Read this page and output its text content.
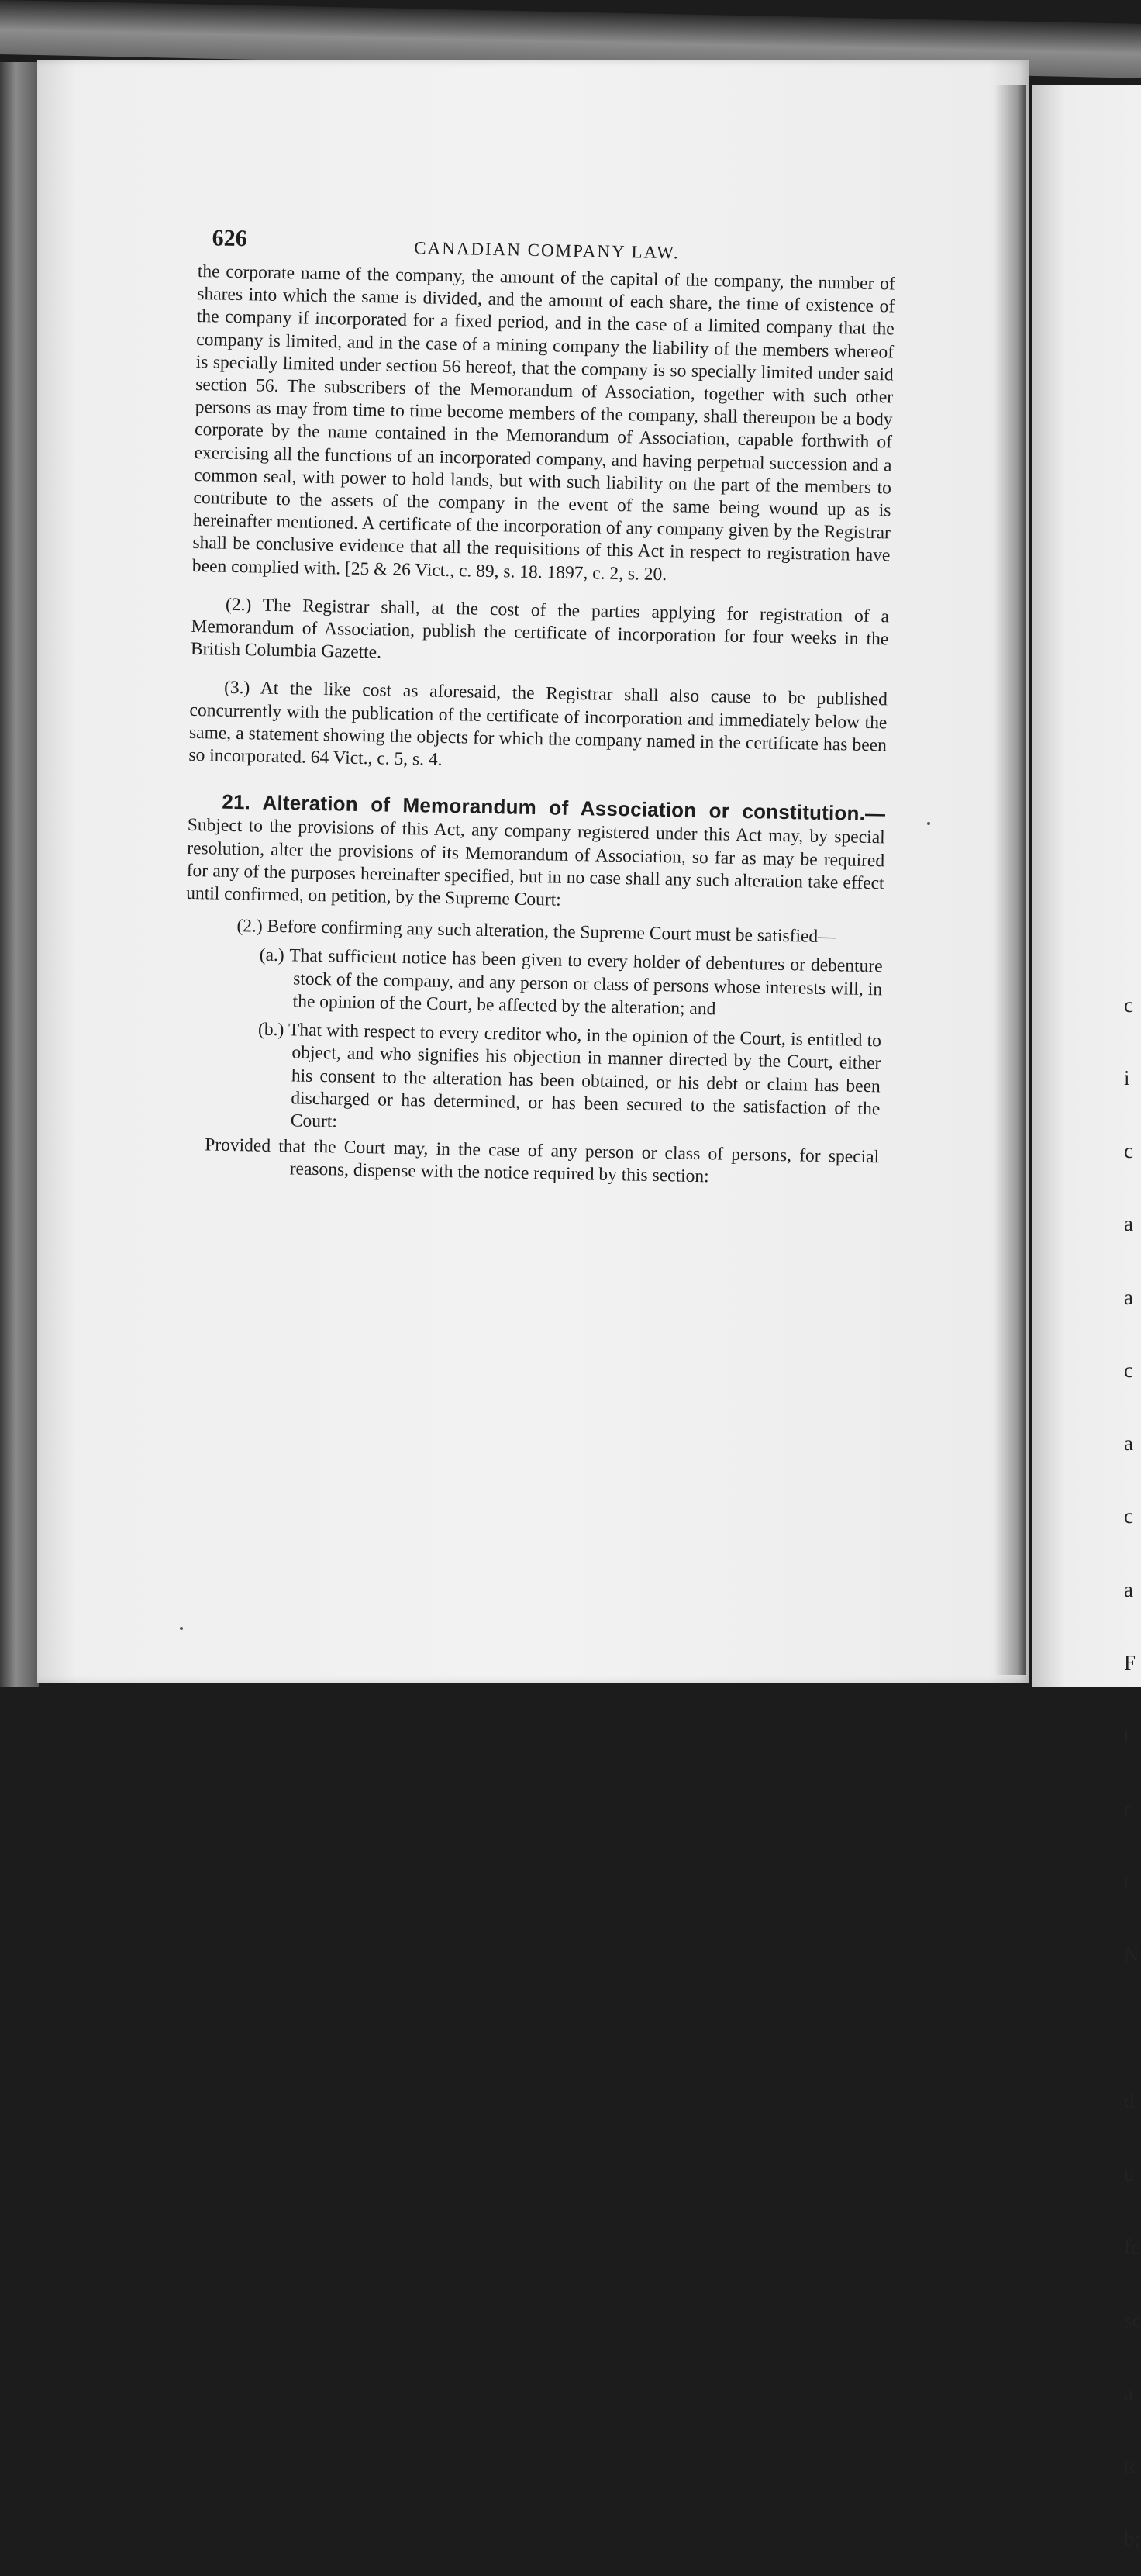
c

i

c

a

a

c

a

c

a

F

t

c

t

N

d

u

fc

sc

a

tc

b;

626	CANADIAN COMPANY LAW.

the corporate name of the company, the amount of the capital of the company, the number of shares into which the same is divided, and the amount of each share, the time of existence of the company if incorporated for a fixed period, and in the case of a limited company that the company is limited, and in the case of a mining company the liability of the members whereof is specially limited under section 56 hereof, that the company is so specially limited under said section 56. The subscribers of the Memorandum of Association, together with such other persons as may from time to time become members of the company, shall thereupon be a body corporate by the name contained in the Memorandum of Association, capable forthwith of exercising all the functions of an incorporated company, and having perpetual succession and a common seal, with power to hold lands, but with such liability on the part of the members to contribute to the assets of the company in the event of the same being wound up as is hereinafter mentioned. A certificate of the incorporation of any company given by the Registrar shall be conclusive evidence that all the requisitions of this Act in respect to registration have been complied with. [25 & 26 Vict., c. 89, s. 18. 1897, c. 2, s. 20.

(2.) The Registrar shall, at the cost of the parties applying for registration of a Memorandum of Association, publish the certificate of incorporation for four weeks in the British Columbia Gazette.

(3.) At the like cost as aforesaid, the Registrar shall also cause to be published concurrently with the publication of the certificate of incorporation and immediately below the same, a statement showing the objects for which the company named in the certificate has been so incorporated. 64 Vict., c. 5, s. 4.

21. Alteration of Memorandum of Association or constitution.— Subject to the provisions of this Act, any company registered under this Act may, by special resolution, alter the provisions of its Memorandum of Association, so far as may be required for any of the purposes hereinafter specified, but in no case shall any such alteration take effect until confirmed, on petition, by the Supreme Court:

(2.) Before confirming any such alteration, the Supreme Court must be satisfied—

(a.) That sufficient notice has been given to every holder of debentures or debenture stock of the company, and any person or class of persons whose interests will, in the opinion of the Court, be affected by the alteration; and

(b.) That with respect to every creditor who, in the opinion of the Court, is entitled to object, and who signifies his objection in manner directed by the Court, either his consent to the alteration has been obtained, or his debt or claim has been discharged or has determined, or has been secured to the satisfaction of the Court:

Provided that the Court may, in the case of any person or class of persons, for special reasons, dispense with the notice required by this section:
